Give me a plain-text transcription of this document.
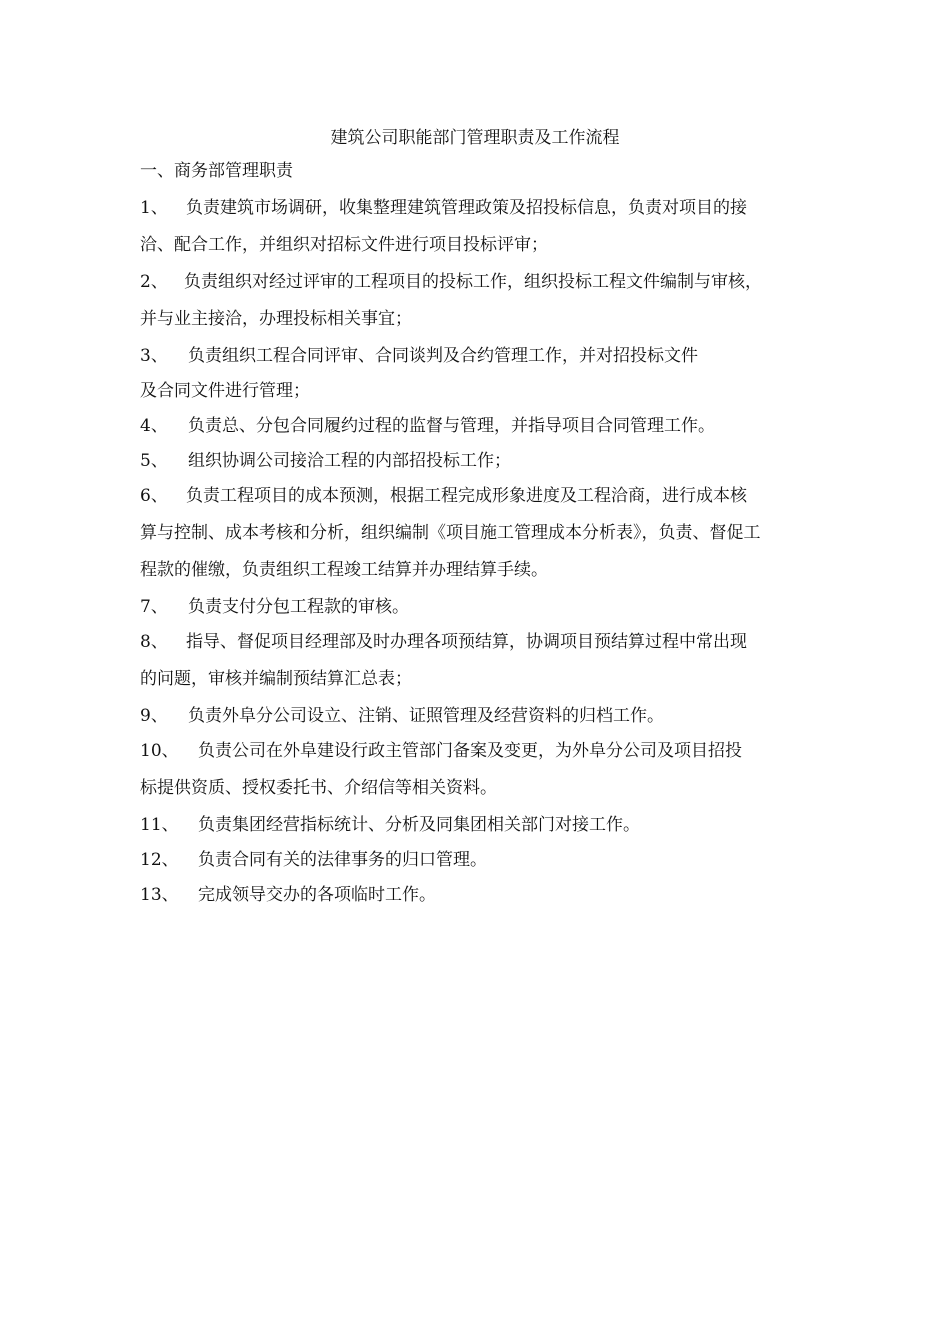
建筑公司职能部门管理职责及工作流程
一、商务部管理职责
1、 负责建筑市场调研，收集整理建筑管理政策及招投标信息，负责对项目的接
洽、配合工作，并组织对招标文件进行项目投标评审；
2、 负责组织对经过评审的工程项目的投标工作，组织投标工程文件编制与审核，
并与业主接洽，办理投标相关事宜；
3、 负责组织工程合同评审、合同谈判及合约管理工作，并对招投标文件
及合同文件进行管理；
4、 负责总、分包合同履约过程的监督与管理，并指导项目合同管理工作。
5、 组织协调公司接洽工程的内部招投标工作；
6、 负责工程项目的成本预测，根据工程完成形象进度及工程洽商，进行成本核
算与控制、成本考核和分析，组织编制《项目施工管理成本分析表》，负责、督促工
程款的催缴，负责组织工程竣工结算并办理结算手续。
7、 负责支付分包工程款的审核。
8、 指导、督促项目经理部及时办理各项预结算，协调项目预结算过程中常出现
的问题，审核并编制预结算汇总表；
9、 负责外阜分公司设立、注销、证照管理及经营资料的归档工作。
10、 负责公司在外阜建设行政主管部门备案及变更，为外阜分公司及项目招投
标提供资质、授权委托书、介绍信等相关资料。
11、 负责集团经营指标统计、分析及同集团相关部门对接工作。
12、 负责合同有关的法律事务的归口管理。
13、 完成领导交办的各项临时工作。
